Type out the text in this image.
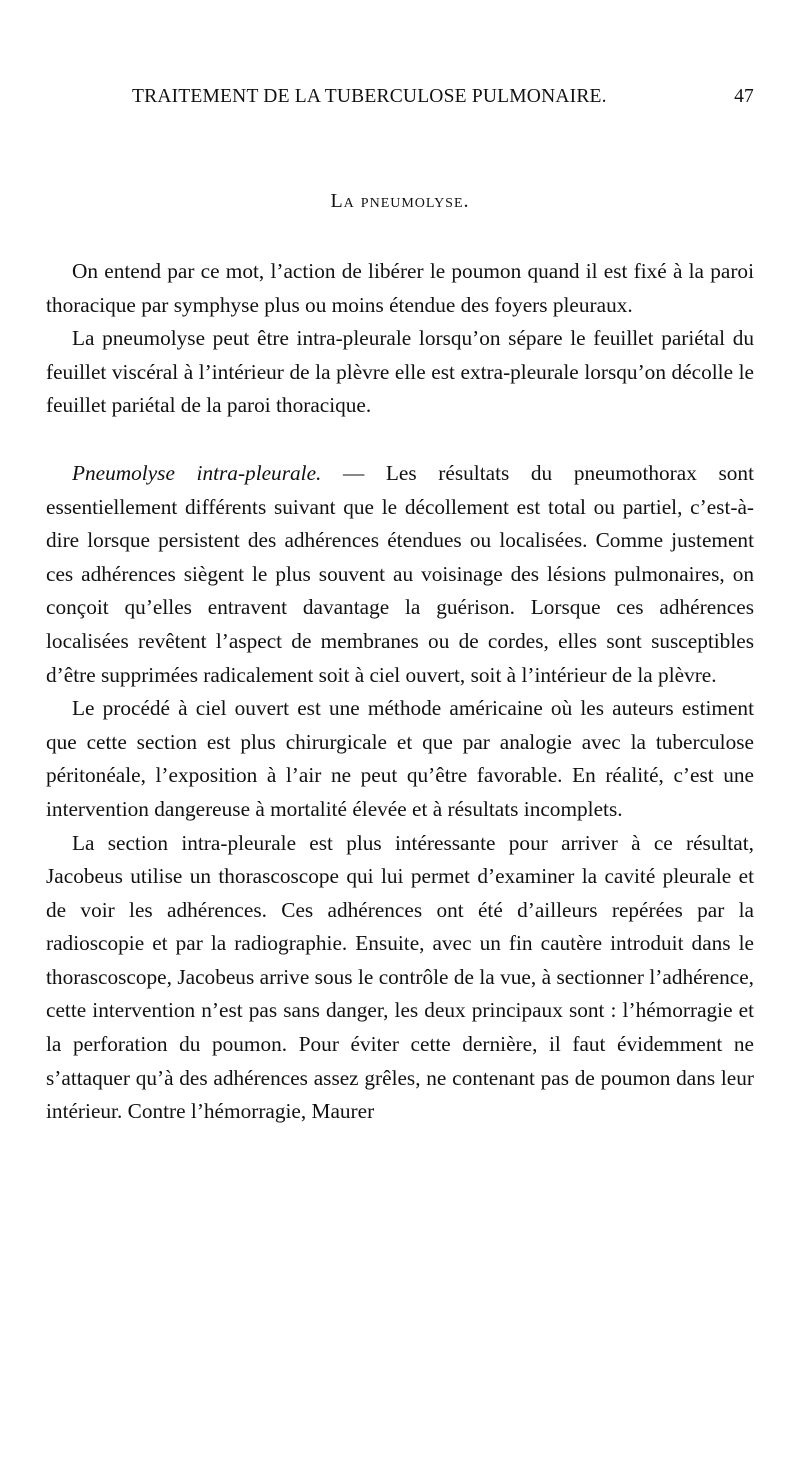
TRAITEMENT DE LA TUBERCULOSE PULMONAIRE.	47
La pneumolyse.

On entend par ce mot, l’action de libérer le poumon quand il est fixé à la paroi thoracique par symphyse plus ou moins étendue des foyers pleuraux.

La pneumolyse peut être intra-pleurale lorsqu’on sépare le feuillet pariétal du feuillet viscéral à l’intérieur de la plèvre elle est extra-pleurale lorsqu’on décolle le feuillet pariétal de la paroi thoracique.

Pneumolyse intra-pleurale. — Les résultats du pneumothorax sont essentiellement différents suivant que le décollement est total ou partiel, c’est-à-dire lorsque persistent des adhérences étendues ou localisées. Comme justement ces adhérences siègent le plus souvent au voisinage des lésions pulmonaires, on conçoit qu’elles entravent davantage la guérison. Lorsque ces adhérences localisées revêtent l’aspect de membranes ou de cordes, elles sont susceptibles d’être supprimées radicalement soit à ciel ouvert, soit à l’intérieur de la plèvre.

Le procédé à ciel ouvert est une méthode américaine où les auteurs estiment que cette section est plus chirurgicale et que par analogie avec la tuberculose péritonéale, l’exposition à l’air ne peut qu’être favorable. En réalité, c’est une intervention dangereuse à mortalité élevée et à résultats incomplets.

La section intra-pleurale est plus intéressante pour arriver à ce résultat, Jacobeus utilise un thorascoscope qui lui permet d’examiner la cavité pleurale et de voir les adhérences. Ces adhérences ont été d’ailleurs repérées par la radioscopie et par la radiographie. Ensuite, avec un fin cautère introduit dans le thorascoscope, Jacobeus arrive sous le contrôle de la vue, à sectionner l’adhérence, cette intervention n’est pas sans danger, les deux principaux sont : l’hémorragie et la perforation du poumon. Pour éviter cette dernière, il faut évidemment ne s’attaquer qu’à des adhérences assez grêles, ne contenant pas de poumon dans leur intérieur. Contre l’hémorragie, Maurer
